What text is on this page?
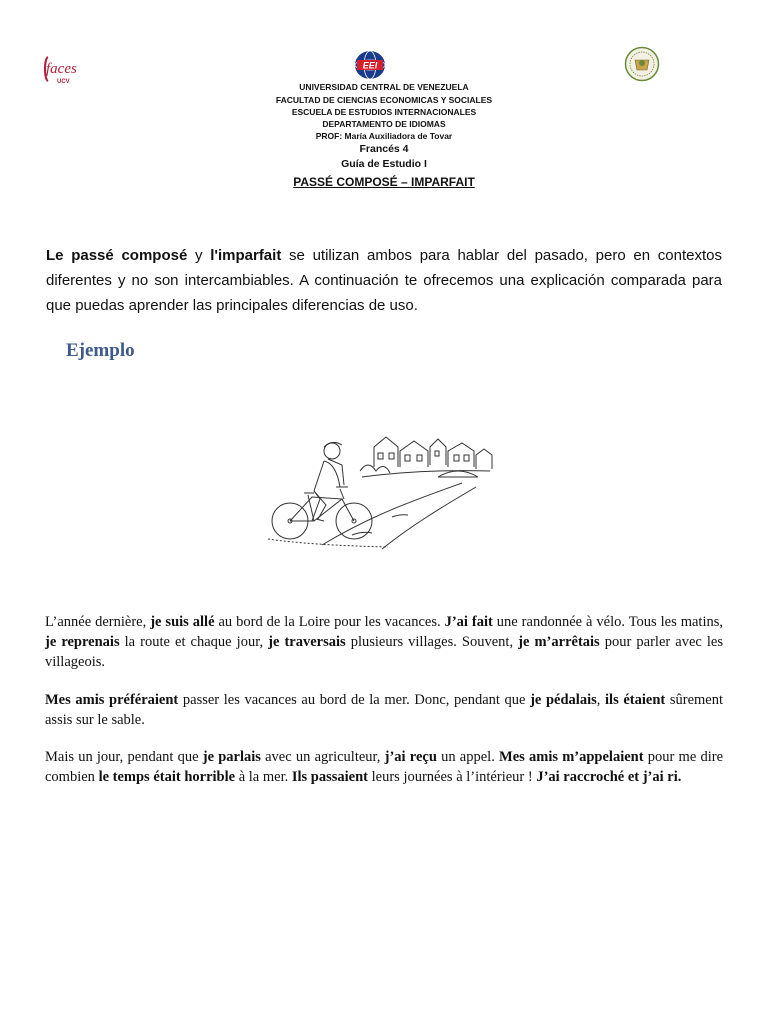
faces
UCV
EEI
UNIVERSIDAD CENTRAL DE VENEZUELA
FACULTAD DE CIENCIAS ECONOMICAS Y SOCIALES
ESCUELA DE ESTUDIOS INTERNACIONALES
DEPARTAMENTO DE IDIOMAS
PROF: María Auxiliadora de Tovar
Francés 4
Guía de Estudio I
PASSÉ COMPOSÉ – IMPARFAIT
Le passé composé y l'imparfait se utilizan ambos para hablar del pasado, pero en contextos diferentes y no son intercambiables. A continuación te ofrecemos una explicación comparada para que puedas aprender las principales diferencias de uso.
Ejemplo
L’année dernière, je suis allé au bord de la Loire pour les vacances. J’ai fait une randonnée à vélo. Tous les matins, je reprenais la route et chaque jour, je traversais plusieurs villages. Souvent, je m’arrêtais pour parler avec les villageois.
Mes amis préféraient passer les vacances au bord de la mer. Donc, pendant que je pédalais, ils étaient sûrement assis sur le sable.
Mais un jour, pendant que je parlais avec un agriculteur, j’ai reçu un appel. Mes amis m’appelaient pour me dire combien le temps était horrible à la mer. Ils passaient leurs journées à l’intérieur ! J’ai raccroché et j’ai ri.
